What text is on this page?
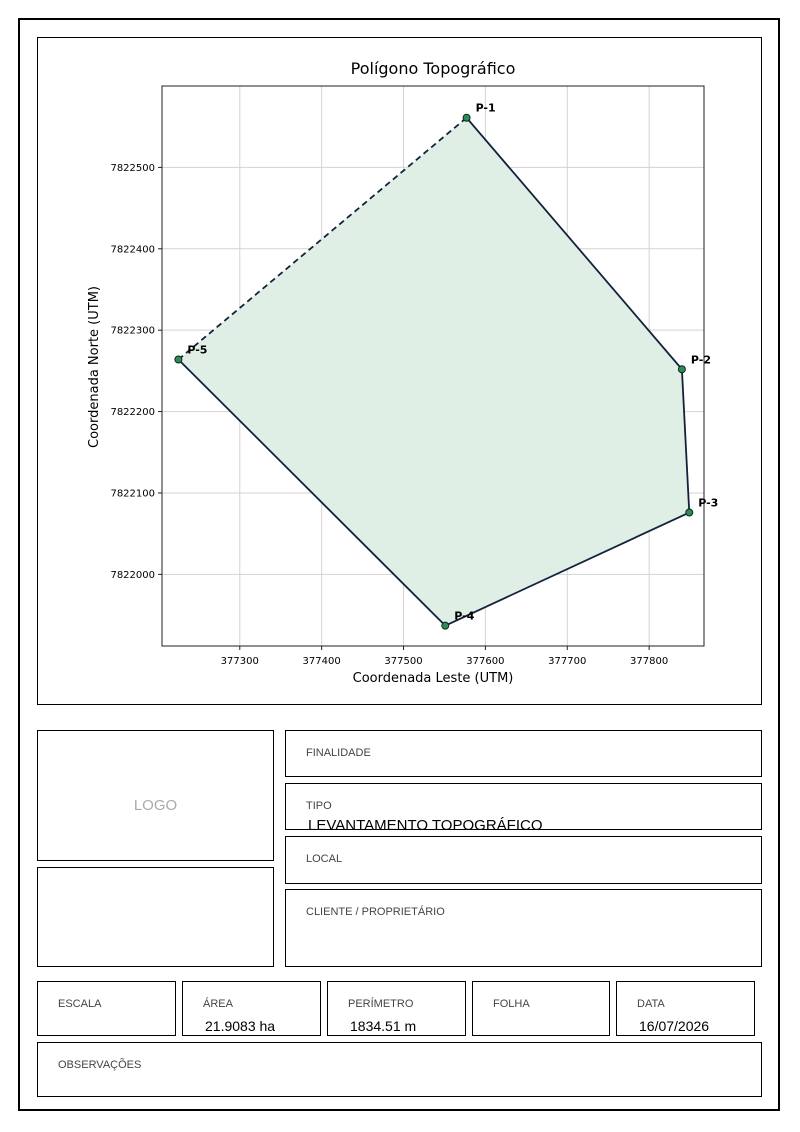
377300	377400	377500	377600	377700	377800
7822000
7822100
7822200
7822300
7822400
7822500
P-1
P-2
P-3
P-4
P-5
Polígono Topográfico
Coordenada Leste (UTM)
Coordenada Norte (UTM)
LOGO
FINALIDADE
TIPO
LEVANTAMENTO TOPOGRÁFICO
LOCAL
CLIENTE / PROPRIETÁRIO
ESCALA	ÁREA
21.9083 ha
PERÍMETRO
1834.51 m
FOLHA	DATA
16/07/2026
OBSERVAÇÕES
